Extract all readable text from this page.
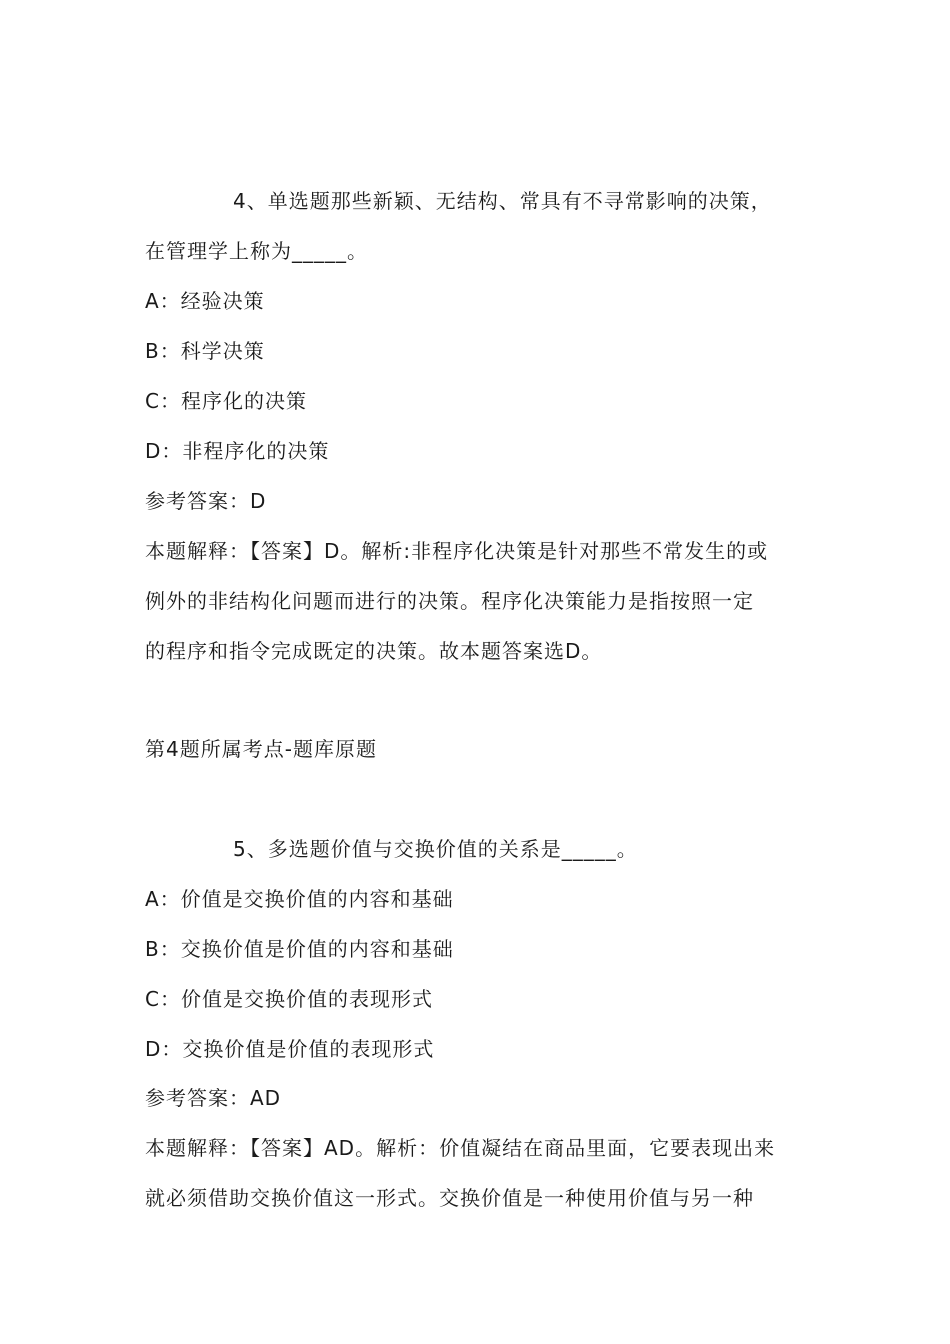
4、单选题那些新颖、无结构、常具有不寻常影响的决策，
在管理学上称为_____。
A：经验决策
B：科学决策
C：程序化的决策
D：非程序化的决策
参考答案：D
本题解释：【答案】D。解析:非程序化决策是针对那些不常发生的或
例外的非结构化问题而进行的决策。程序化决策能力是指按照一定
的程序和指令完成既定的决策。故本题答案选D。
第4题所属考点-题库原题
5、多选题价值与交换价值的关系是_____。
A：价值是交换价值的内容和基础
B：交换价值是价值的内容和基础
C：价值是交换价值的表现形式
D：交换价值是价值的表现形式
参考答案：AD
本题解释：【答案】AD。解析：价值凝结在商品里面，它要表现出来
就必须借助交换价值这一形式。交换价值是一种使用价值与另一种
